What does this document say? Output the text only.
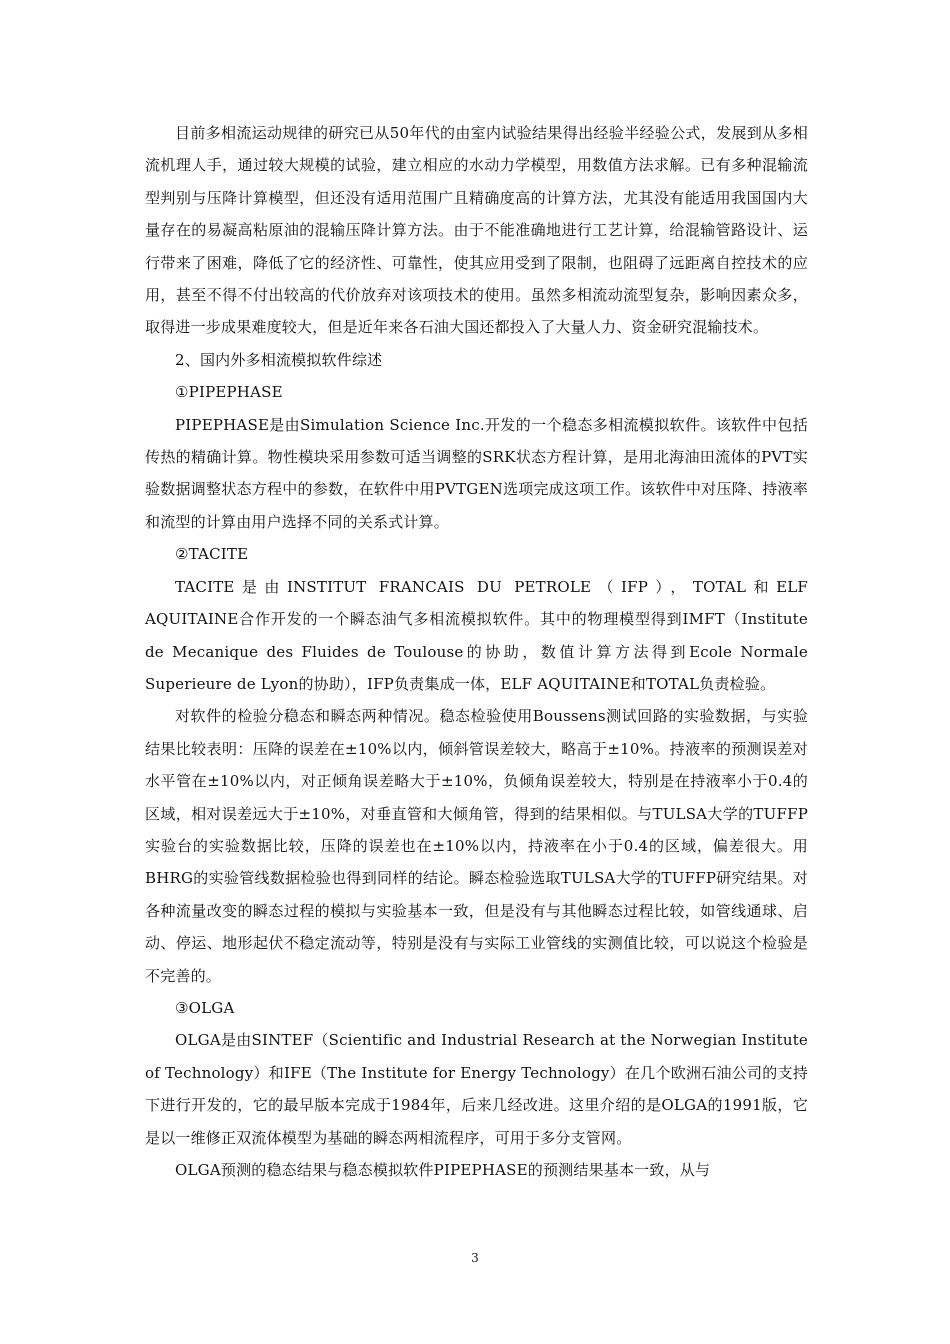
目前多相流运动规律的研究已从50年代的由室内试验结果得出经验半经验公式，发展到从多相流机理人手，通过较大规模的试验，建立相应的水动力学模型，用数值方法求解。已有多种混输流型判别与压降计算模型，但还没有适用范围广且精确度高的计算方法，尤其没有能适用我国国内大量存在的易凝高粘原油的混输压降计算方法。由于不能准确地进行工艺计算，给混输管路设计、运行带来了困难，降低了它的经济性、可靠性，使其应用受到了限制，也阻碍了远距离自控技术的应用，甚至不得不付出较高的代价放弃对该项技术的使用。虽然多相流动流型复杂，影响因素众多，取得进一步成果难度较大，但是近年来各石油大国还都投入了大量人力、资金研究混输技术。

2、国内外多相流模拟软件综述

①PIPEPHASE

PIPEPHASE是由Simulation Science Inc.开发的一个稳态多相流模拟软件。该软件中包括传热的精确计算。物性模块采用参数可适当调整的SRK状态方程计算，是用北海油田流体的PVT实验数据调整状态方程中的参数，在软件中用PVTGEN选项完成这项工作。该软件中对压降、持液率和流型的计算由用户选择不同的关系式计算。

②TACITE

TACITE是由INSTITUT FRANCAIS DU PETROLE（IFP），TOTAL和ELF AQUITAINE合作开发的一个瞬态油气多相流模拟软件。其中的物理模型得到IMFT（Institute de Mecanique des Fluides de Toulouse的协助，数值计算方法得到Ecole Normale Superieure de Lyon的协助），IFP负责集成一体，ELF AQUITAINE和TOTAL负责检验。

对软件的检验分稳态和瞬态两种情况。稳态检验使用Boussens测试回路的实验数据，与实验结果比较表明：压降的误差在±10%以内，倾斜管误差较大，略高于±10%。持液率的预测误差对水平管在±10%以内，对正倾角误差略大于±10%，负倾角误差较大，特别是在持液率小于0.4的区域，相对误差远大于±10%，对垂直管和大倾角管，得到的结果相似。与TULSA大学的TUFFP实验台的实验数据比较，压降的误差也在±10%以内，持液率在小于0.4的区域，偏差很大。用BHRG的实验管线数据检验也得到同样的结论。瞬态检验选取TULSA大学的TUFFP研究结果。对各种流量改变的瞬态过程的模拟与实验基本一致，但是没有与其他瞬态过程比较，如管线通球、启动、停运、地形起伏不稳定流动等，特别是没有与实际工业管线的实测值比较，可以说这个检验是不完善的。

③OLGA

OLGA是由SINTEF（Scientific and Industrial Research at the Norwegian Institute of Technology）和IFE（The Institute for Energy Technology）在几个欧洲石油公司的支持下进行开发的，它的最早版本完成于1984年，后来几经改进。这里介绍的是OLGA的1991版，它是以一维修正双流体模型为基础的瞬态两相流程序，可用于多分支管网。

OLGA预测的稳态结果与稳态模拟软件PIPEPHASE的预测结果基本一致，从与

3
